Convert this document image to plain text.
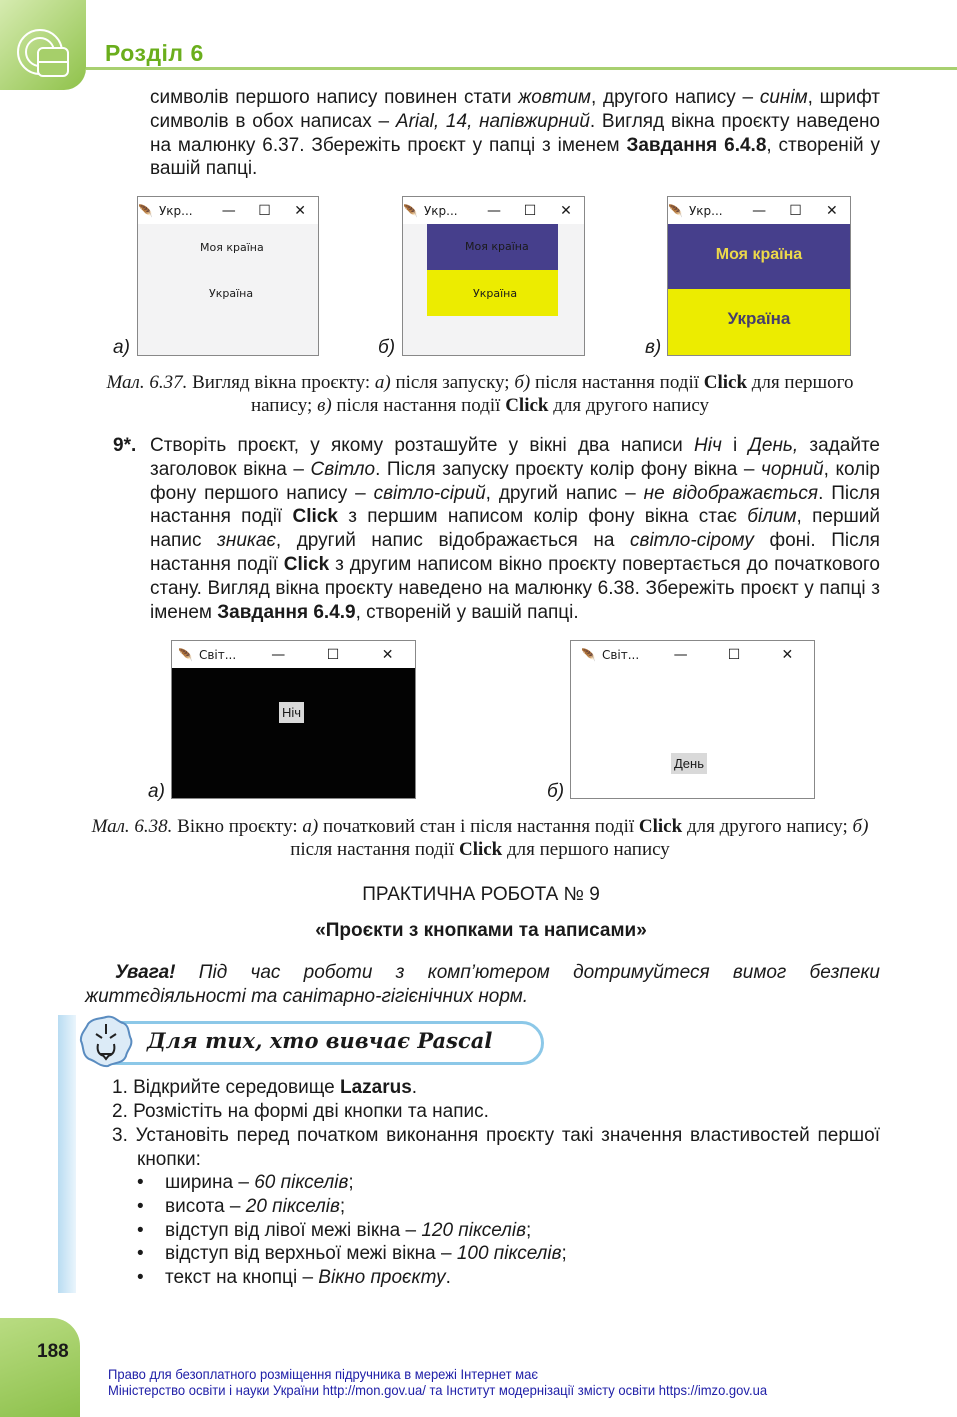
Розділ 6
символів першого напису повинен стати жовтим, другого напису – синім, шрифт символів в обох написах – Arial, 14, напівжирний. Вигляд вікна проєкту наведено на малюнку 6.37. Збережіть проєкт у папці з іменем Завдання 6.4.8, створеній у вашій папці.
🪶 Укр...	—	☐	✕
Моя країна
Україна
🪶 Укр...	—	☐	✕
Моя країна
Україна
🪶 Укр...	—	☐	✕
Моя країна
Україна
а)	б)	в)
Мал. 6.37. Вигляд вікна проєкту: а) після запуску; б) після настання події Click для першого напису; в) після настання події Click для другого напису
9*. Створіть проєкт, у якому розташуйте у вікні два написи Ніч і День, задайте заголовок вікна – Світло. Після запуску проєкту колір фону вікна – чорний, колір фону першого напису – світло-сірий, другий напис – не відображається. Після настання події Click з першим написом колір фону вікна стає білим, перший напис зникає, другий напис відображається на світло-сірому фоні. Після настання події Click з другим написом вікно проєкту повертається до початкового стану. Вигляд вікна проєкту наведено на малюнку 6.38. Збережіть проєкт у папці з іменем Завдання 6.4.9, створеній у вашій папці.
🪶 Світ...	—	☐	✕
Ніч
🪶 Світ...	—	☐	✕
День
а)	б)
Мал. 6.38. Вікно проєкту: а) початковий стан і після настання події Click для другого напису; б) після настання події Click для першого напису
ПРАКТИЧНА РОБОТА № 9
«Проєкти з кнопками та написами»
Увага! Під час роботи з комп’ютером дотримуйтеся вимог безпеки життєдіяльності та санітарно-гігієнічних норм.
Для тих, хто вивчає Pascal
1. Відкрийте середовище Lazarus.
2. Розмістіть на формі дві кнопки та напис.
3. Установіть перед початком виконання проєкту такі значення властивостей першої кнопки:
• ширина – 60 пікселів;
• висота – 20 пікселів;
• відступ від лівої межі вікна – 120 пікселів;
• відступ від верхньої межі вікна – 100 пікселів;
• текст на кнопці – Вікно проєкту.
188
Право для безоплатного розміщення підручника в мережі Інтернет має
Міністерство освіти і науки України http://mon.gov.ua/ та Інститут модернізації змісту освіти https://imzo.gov.ua
